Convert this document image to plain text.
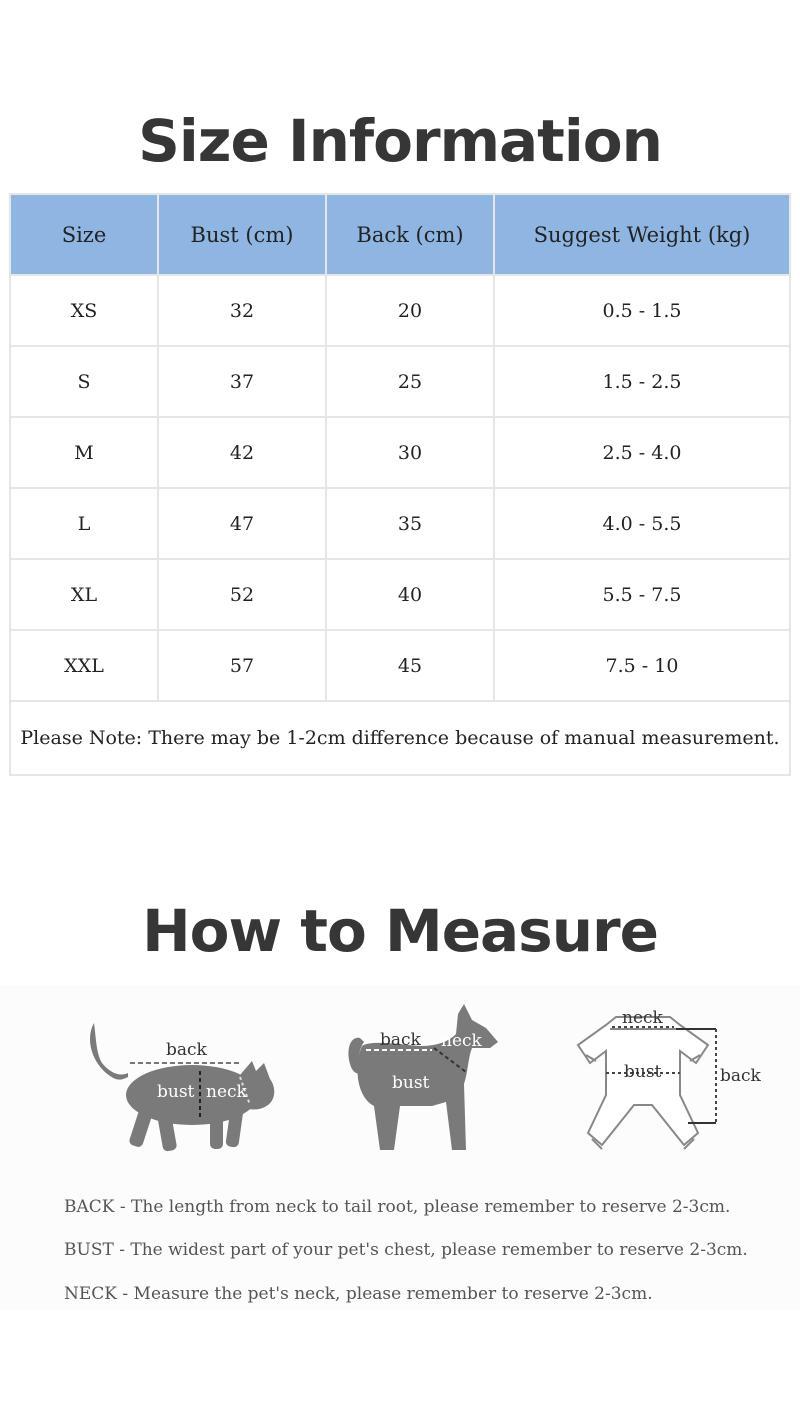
Size Information
Size	Bust (cm)	Back (cm)	Suggest Weight (kg)
XS	32	20	0.5 - 1.5
S	37	25	1.5 - 2.5
M	42	30	2.5 - 4.0
L	47	35	4.0 - 5.5
XL	52	40	5.5 - 7.5
XXL	57	45	7.5 - 10
Please Note: There may be 1-2cm difference because of manual measurement.			
How to Measure
back
bust neck
back neck
bust
neck
bust	back
BACK - The length from neck to tail root, please remember to reserve 2-3cm.
BUST - The widest part of your pet's chest, please remember to reserve 2-3cm.
NECK - Measure the pet's neck, please remember to reserve 2-3cm.
